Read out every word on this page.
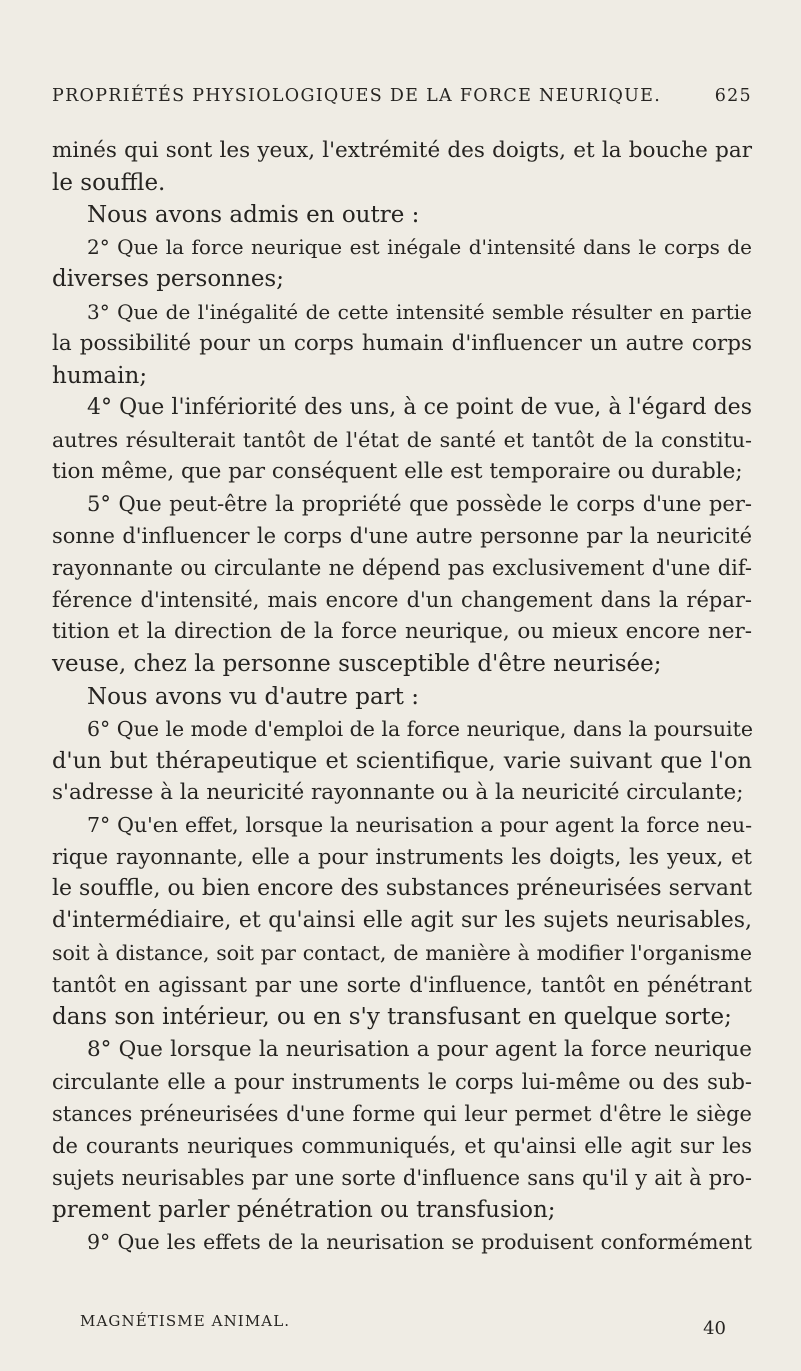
PROPRIÉTÉS PHYSIOLOGIQUES DE LA FORCE NEURIQUE.	625
minés qui sont les yeux, l'extrémité des doigts, et la bouche par
le souffle.
Nous avons admis en outre :
2° Que la force neurique est inégale d'intensité dans le corps de
diverses personnes;
3° Que de l'inégalité de cette intensité semble résulter en partie
la possibilité pour un corps humain d'influencer un autre corps
humain;
4° Que l'infériorité des uns, à ce point de vue, à l'égard des
autres résulterait tantôt de l'état de santé et tantôt de la constitu-
tion même, que par conséquent elle est temporaire ou durable;
5° Que peut-être la propriété que possède le corps d'une per-
sonne d'influencer le corps d'une autre personne par la neuricité
rayonnante ou circulante ne dépend pas exclusivement d'une dif-
férence d'intensité, mais encore d'un changement dans la répar-
tition et la direction de la force neurique, ou mieux encore ner-
veuse, chez la personne susceptible d'être neurisée;
Nous avons vu d'autre part :
6° Que le mode d'emploi de la force neurique, dans la poursuite
d'un but thérapeutique et scientifique, varie suivant que l'on
s'adresse à la neuricité rayonnante ou à la neuricité circulante;
7° Qu'en effet, lorsque la neurisation a pour agent la force neu-
rique rayonnante, elle a pour instruments les doigts, les yeux, et
le souffle, ou bien encore des substances préneurisées servant
d'intermédiaire, et qu'ainsi elle agit sur les sujets neurisables,
soit à distance, soit par contact, de manière à modifier l'organisme
tantôt en agissant par une sorte d'influence, tantôt en pénétrant
dans son intérieur, ou en s'y transfusant en quelque sorte;
8° Que lorsque la neurisation a pour agent la force neurique
circulante elle a pour instruments le corps lui-même ou des sub-
stances préneurisées d'une forme qui leur permet d'être le siège
de courants neuriques communiqués, et qu'ainsi elle agit sur les
sujets neurisables par une sorte d'influence sans qu'il y ait à pro-
prement parler pénétration ou transfusion;
9° Que les effets de la neurisation se produisent conformément
MAGNÉTISME ANIMAL.	40
